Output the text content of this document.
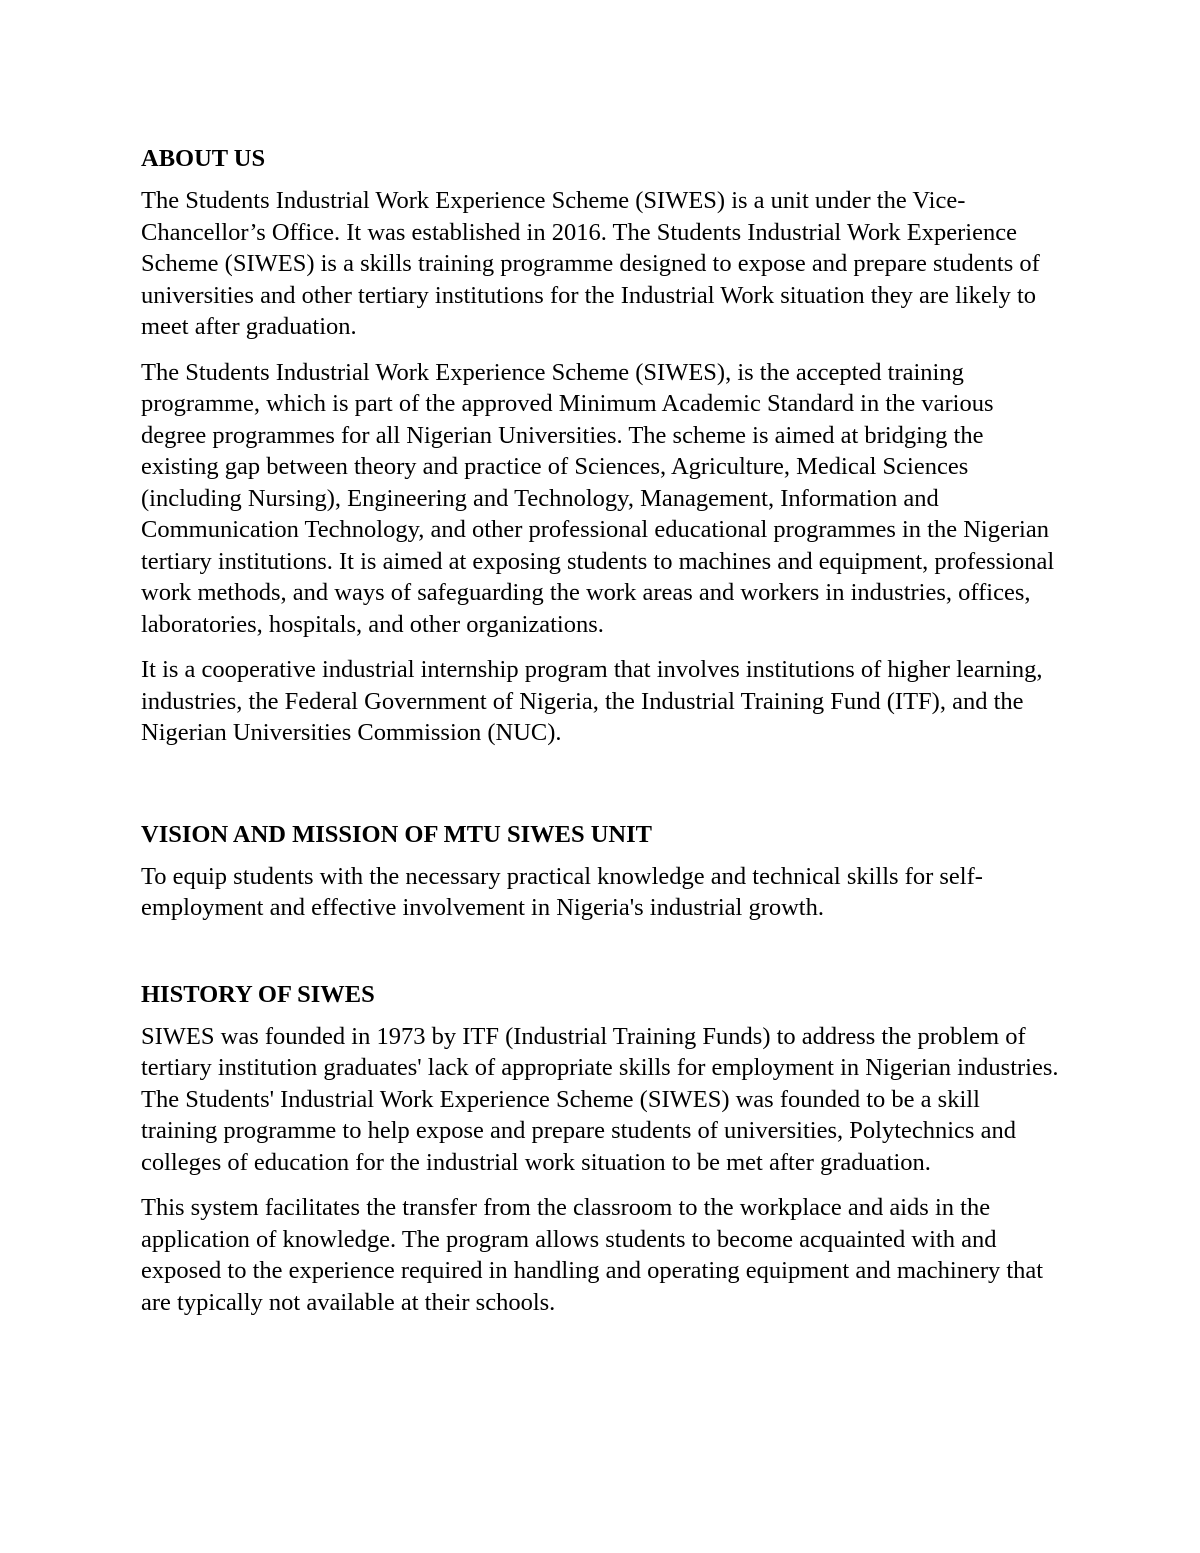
ABOUT US

The Students Industrial Work Experience Scheme (SIWES) is a unit under the Vice-Chancellor’s Office. It was established in 2016. The Students Industrial Work Experience Scheme (SIWES) is a skills training programme designed to expose and prepare students of universities and other tertiary institutions for the Industrial Work situation they are likely to meet after graduation.

The Students Industrial Work Experience Scheme (SIWES), is the accepted training programme, which is part of the approved Minimum Academic Standard in the various degree programmes for all Nigerian Universities. The scheme is aimed at bridging the existing gap between theory and practice of Sciences, Agriculture, Medical Sciences (including Nursing), Engineering and Technology, Management, Information and Communication Technology, and other professional educational programmes in the Nigerian tertiary institutions. It is aimed at exposing students to machines and equipment, professional work methods, and ways of safeguarding the work areas and workers in industries, offices, laboratories, hospitals, and other organizations.

It is a cooperative industrial internship program that involves institutions of higher learning, industries, the Federal Government of Nigeria, the Industrial Training Fund (ITF), and the Nigerian Universities Commission (NUC).

VISION AND MISSION OF MTU SIWES UNIT

To equip students with the necessary practical knowledge and technical skills for self-employment and effective involvement in Nigeria's industrial growth.

HISTORY OF SIWES

SIWES was founded in 1973 by ITF (Industrial Training Funds) to address the problem of tertiary institution graduates' lack of appropriate skills for employment in Nigerian industries. The Students' Industrial Work Experience Scheme (SIWES) was founded to be a skill training programme to help expose and prepare students of universities, Polytechnics and colleges of education for the industrial work situation to be met after graduation.

This system facilitates the transfer from the classroom to the workplace and aids in the application of knowledge. The program allows students to become acquainted with and exposed to the experience required in handling and operating equipment and machinery that are typically not available at their schools.
